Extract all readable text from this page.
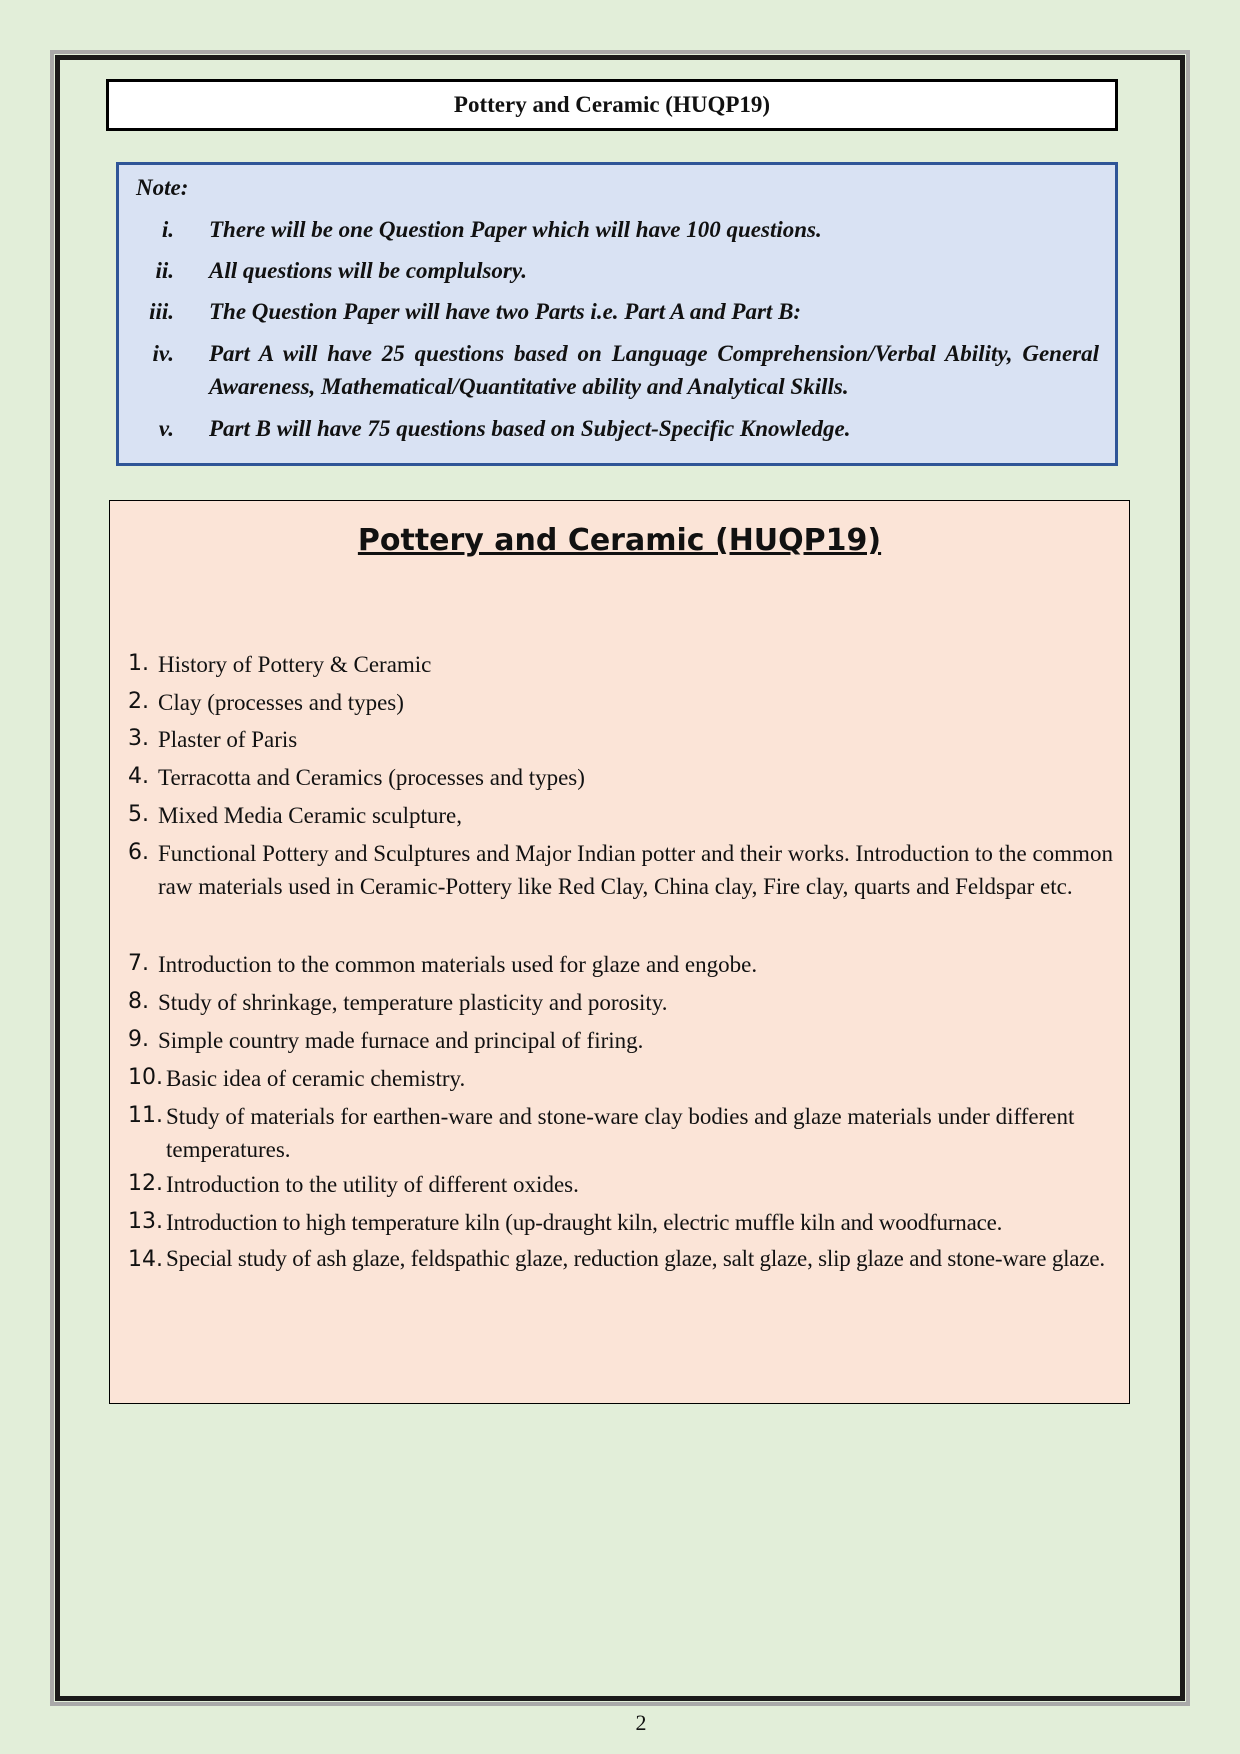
Pottery and Ceramic (HUQP19)
Note:
i. There will be one Question Paper which will have 100 questions.
ii. All questions will be complulsory.
iii. The Question Paper will have two Parts i.e. Part A and Part B:
iv. Part A will have 25 questions based on Language Comprehension/Verbal Ability, General Awareness, Mathematical/Quantitative ability and Analytical Skills.
v. Part B will have 75 questions based on Subject-Specific Knowledge.
Pottery and Ceramic (HUQP19)
1. History of Pottery & Ceramic
2. Clay (processes and types)
3. Plaster of Paris
4. Terracotta and Ceramics (processes and types)
5. Mixed Media Ceramic sculpture,
6. Functional Pottery and Sculptures and Major Indian potter and their works. Introduction to the common raw materials used in Ceramic-Pottery like Red Clay, China clay, Fire clay, quarts and Feldspar etc.
7. Introduction to the common materials used for glaze and engobe.
8. Study of shrinkage, temperature plasticity and porosity.
9. Simple country made furnace and principal of firing.
10. Basic idea of ceramic chemistry.
11. Study of materials for earthen-ware and stone-ware clay bodies and glaze materials under different temperatures.
12. Introduction to the utility of different oxides.
13. Introduction to high temperature kiln (up-draught kiln, electric muffle kiln and woodfurnace.
14. Special study of ash glaze, feldspathic glaze, reduction glaze, salt glaze, slip glaze and stone-ware glaze.
2
